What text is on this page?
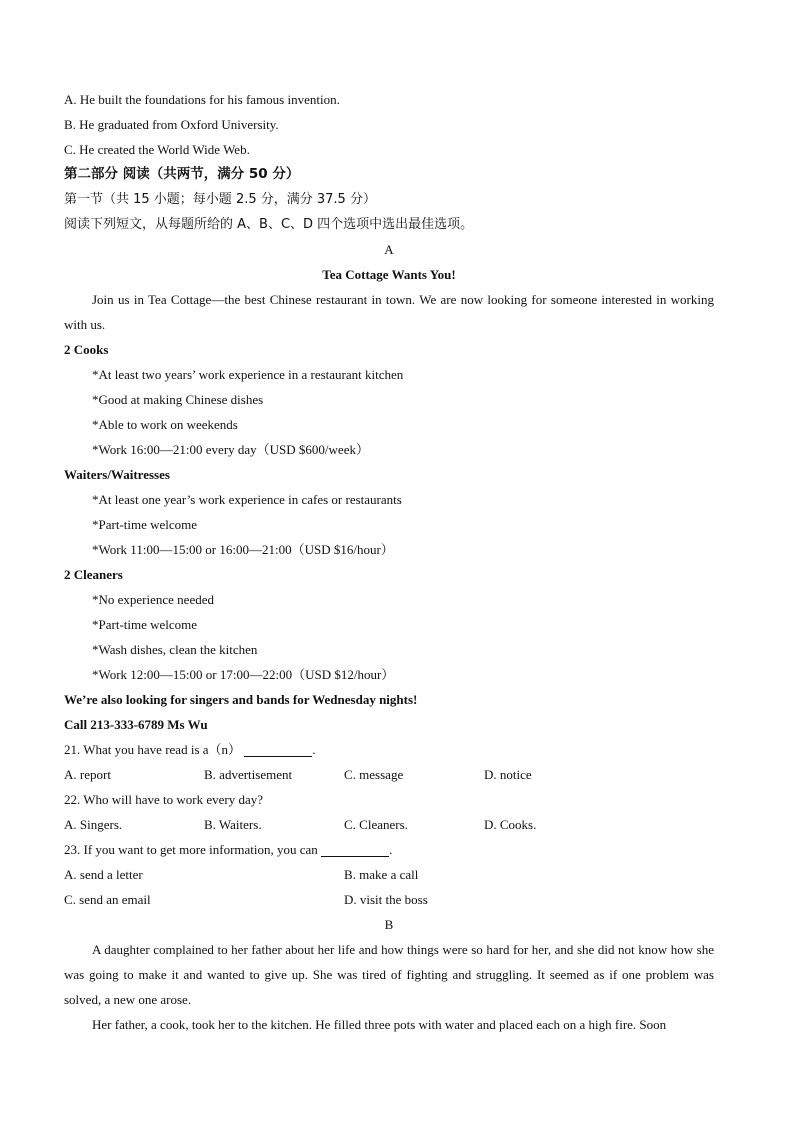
A. He built the foundations for his famous invention.
B. He graduated from Oxford University.
C. He created the World Wide Web.
第二部分 阅读（共两节，满分 50 分）
第一节（共 15 小题；每小题 2.5 分，满分 37.5 分）
阅读下列短文，从每题所给的 A、B、C、D 四个选项中选出最佳选项。
A
Tea Cottage Wants You!
Join us in Tea Cottage—the best Chinese restaurant in town. We are now looking for someone interested in working with us.
2 Cooks
*At least two years’ work experience in a restaurant kitchen
*Good at making Chinese dishes
*Able to work on weekends
*Work 16:00—21:00 every day（USD $600/week）
Waiters/Waitresses
*At least one year’s work experience in cafes or restaurants
*Part-time welcome
*Work 11:00—15:00 or 16:00—21:00（USD $16/hour）
2 Cleaners
*No experience needed
*Part-time welcome
*Wash dishes, clean the kitchen
*Work 12:00—15:00 or 17:00—22:00（USD $12/hour）
We’re also looking for singers and bands for Wednesday nights!
Call 213-333-6789 Ms Wu
21. What you have read is a（n）	.
A. report	B. advertisement	C. message	D. notice
22. Who will have to work every day?
A. Singers.	B. Waiters.	C. Cleaners.	D. Cooks.
23. If you want to get more information, you can	.
A. send a letter	B. make a call
C. send an email	D. visit the boss
B
A daughter complained to her father about her life and how things were so hard for her, and she did not know how she was going to make it and wanted to give up. She was tired of fighting and struggling. It seemed as if one problem was solved, a new one arose.
Her father, a cook, took her to the kitchen. He filled three pots with water and placed each on a high fire. Soon
